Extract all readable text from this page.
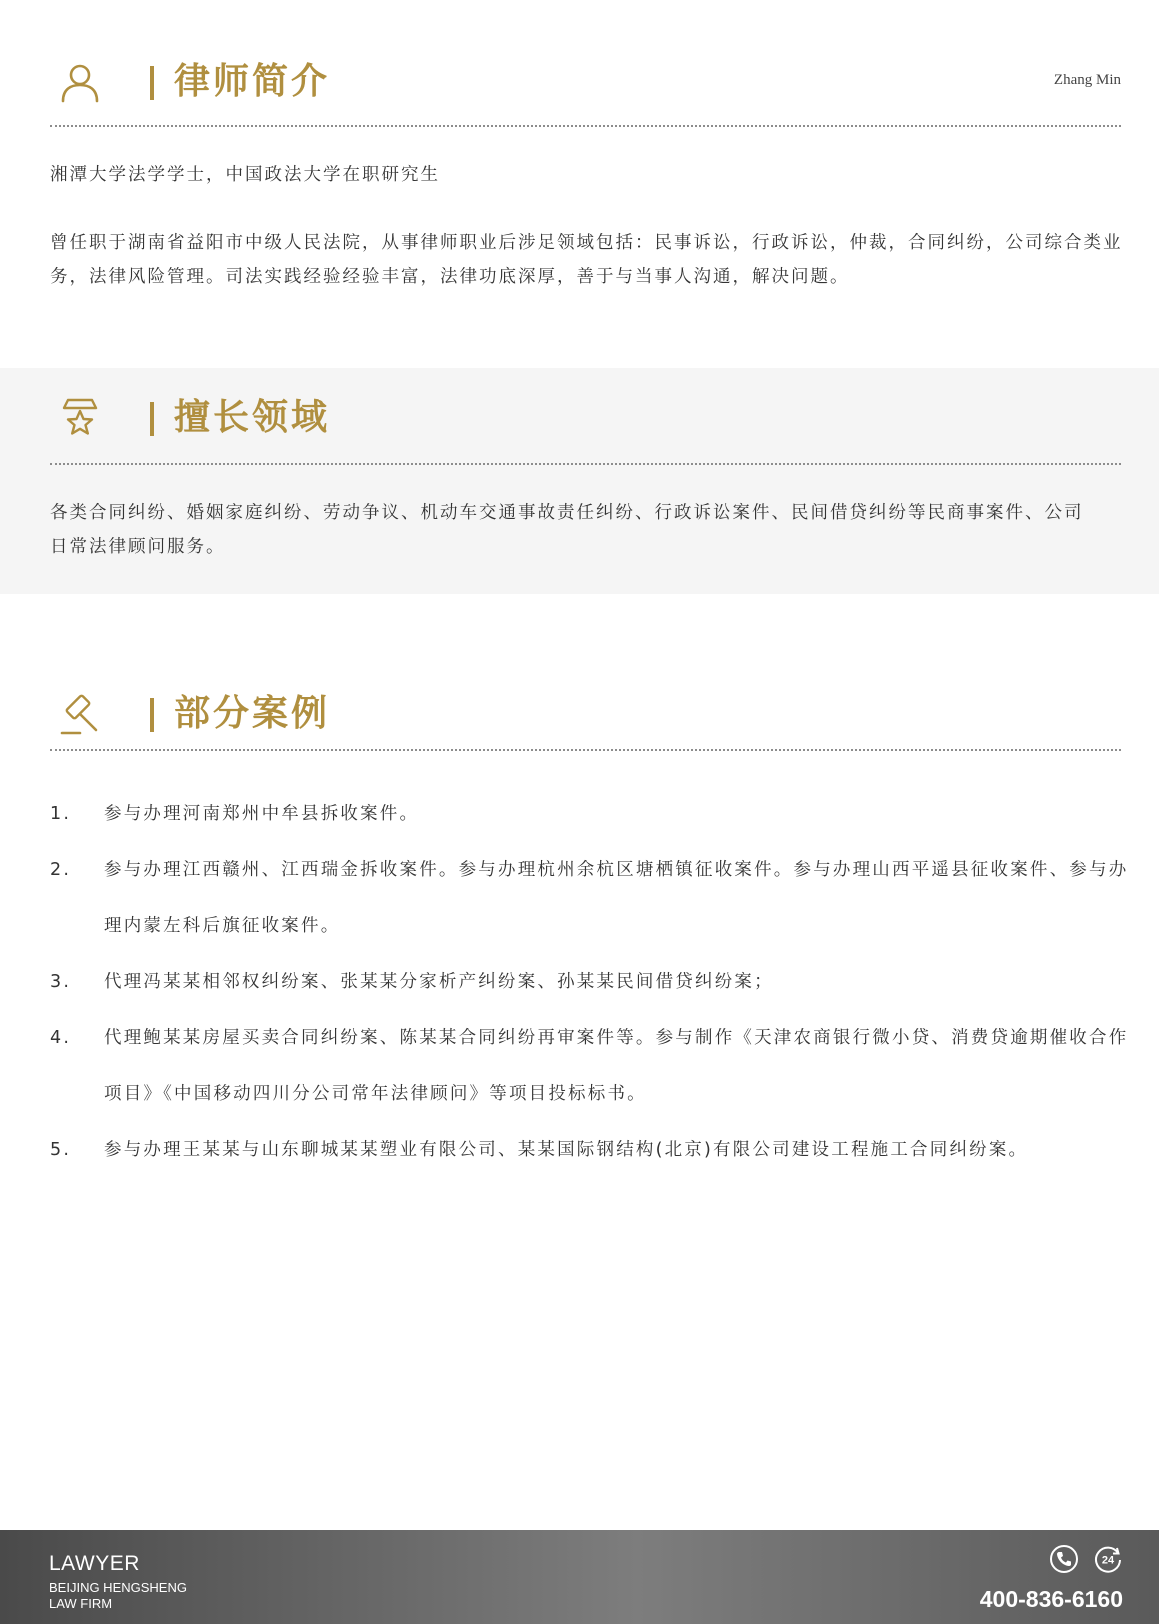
律师简介	Zhang Min
湘潭大学法学学士，中国政法大学在职研究生
曾任职于湖南省益阳市中级人民法院，从事律师职业后涉足领域包括：民事诉讼，行政诉讼，仲裁，合同纠纷，公司综合类业务，法律风险管理。司法实践经验经验丰富，法律功底深厚，善于与当事人沟通，解决问题。
擅长领域
各类合同纠纷、婚姻家庭纠纷、劳动争议、机动车交通事故责任纠纷、行政诉讼案件、民间借贷纠纷等民商事案件、公司日常法律顾问服务。
部分案例
1. 参与办理河南郑州中牟县拆收案件。
2. 参与办理江西赣州、江西瑞金拆收案件。参与办理杭州余杭区塘栖镇征收案件。参与办理山西平遥县征收案件、参与办理内蒙左科后旗征收案件。
3. 代理冯某某相邻权纠纷案、张某某分家析产纠纷案、孙某某民间借贷纠纷案；
4. 代理鲍某某房屋买卖合同纠纷案、陈某某合同纠纷再审案件等。参与制作《天津农商银行微小贷、消费贷逾期催收合作项目》《中国移动四川分公司常年法律顾问》等项目投标标书。
5. 参与办理王某某与山东聊城某某塑业有限公司、某某国际钢结构(北京)有限公司建设工程施工合同纠纷案。
LAWYER
BEIJING HENGSHENG
LAW FIRM
24
400-836-6160
